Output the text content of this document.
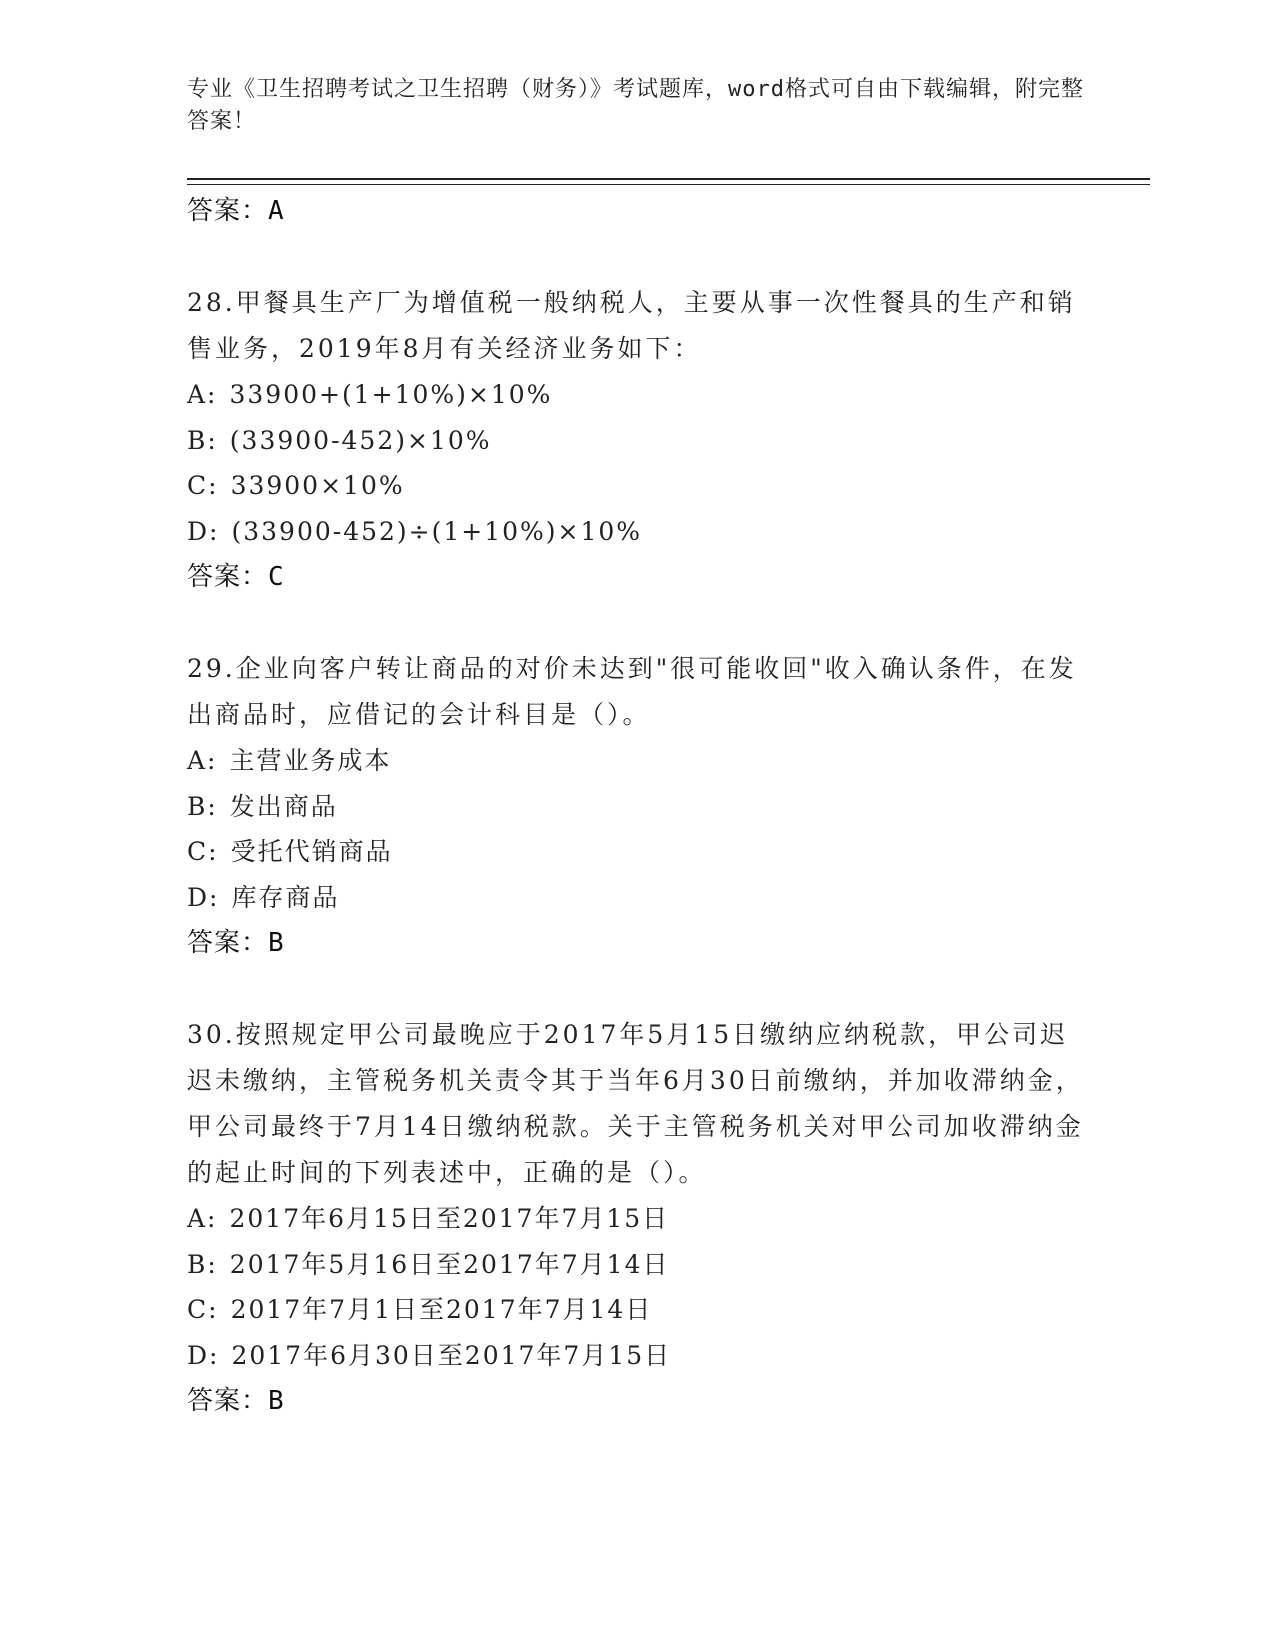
专业《卫生招聘考试之卫生招聘（财务）》考试题库，word格式可自由下载编辑，附完整答案！
答案：A
28.甲餐具生产厂为增值税一般纳税人，主要从事一次性餐具的生产和销售业务，2019年8月有关经济业务如下：
A: 33900+(1+10%)×10%
B: (33900-452)×10%
C: 33900×10%
D: (33900-452)÷(1+10%)×10%
答案：C
29.企业向客户转让商品的对价未达到"很可能收回"收入确认条件，在发出商品时，应借记的会计科目是（）。
A: 主营业务成本
B: 发出商品
C: 受托代销商品
D: 库存商品
答案：B
30.按照规定甲公司最晚应于2017年5月15日缴纳应纳税款，甲公司迟迟未缴纳，主管税务机关责令其于当年6月30日前缴纳，并加收滞纳金，甲公司最终于7月14日缴纳税款。关于主管税务机关对甲公司加收滞纳金的起止时间的下列表述中，正确的是（）。
A: 2017年6月15日至2017年7月15日
B: 2017年5月16日至2017年7月14日
C: 2017年7月1日至2017年7月14日
D: 2017年6月30日至2017年7月15日
答案：B
